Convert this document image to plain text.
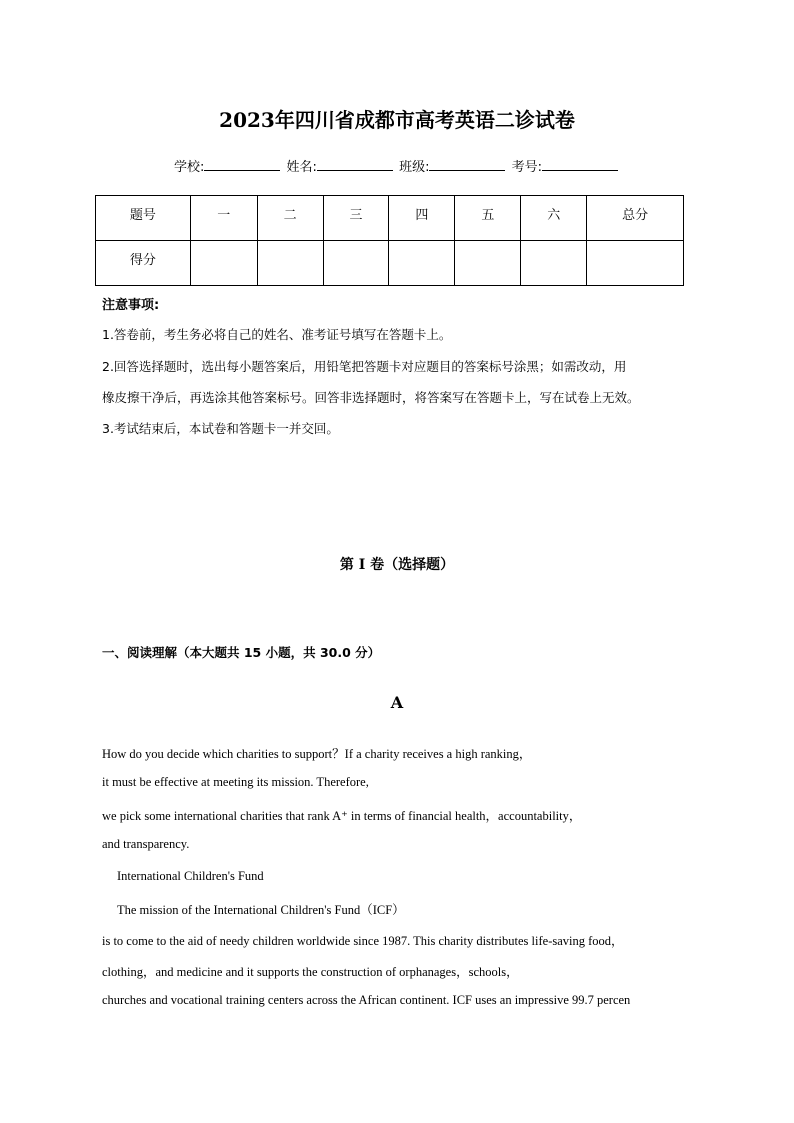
2023年四川省成都市高考英语二诊试卷
学校:	姓名:	班级:	考号:
题号	一	二	三	四	五	六	总分
得分							
注意事项:
1.答卷前，考生务必将自己的姓名、准考证号填写在答题卡上。
2.回答选择题时，选出每小题答案后，用铅笔把答题卡对应题目的答案标号涂黑；如需改动，用
橡皮擦干净后，再选涂其他答案标号。回答非选择题时，将答案写在答题卡上，写在试卷上无效。
3.考试结束后，本试卷和答题卡一并交回。
第 I 卷（选择题）
一、阅读理解（本大题共 15 小题，共 30.0 分）
A
How do you decide which charities to support？If a charity receives a high ranking，
it must be effective at meeting its mission. Therefore,
we pick some international charities that rank A⁺ in terms of financial health，accountability，
and transparency.
International Children's Fund
The mission of the International Children's Fund（ICF）
is to come to the aid of needy children worldwide since 1987. This charity distributes life-saving food，
clothing，and medicine and it supports the construction of orphanages，schools，
churches and vocational training centers across the African continent. ICF uses an impressive 99.7 percen
